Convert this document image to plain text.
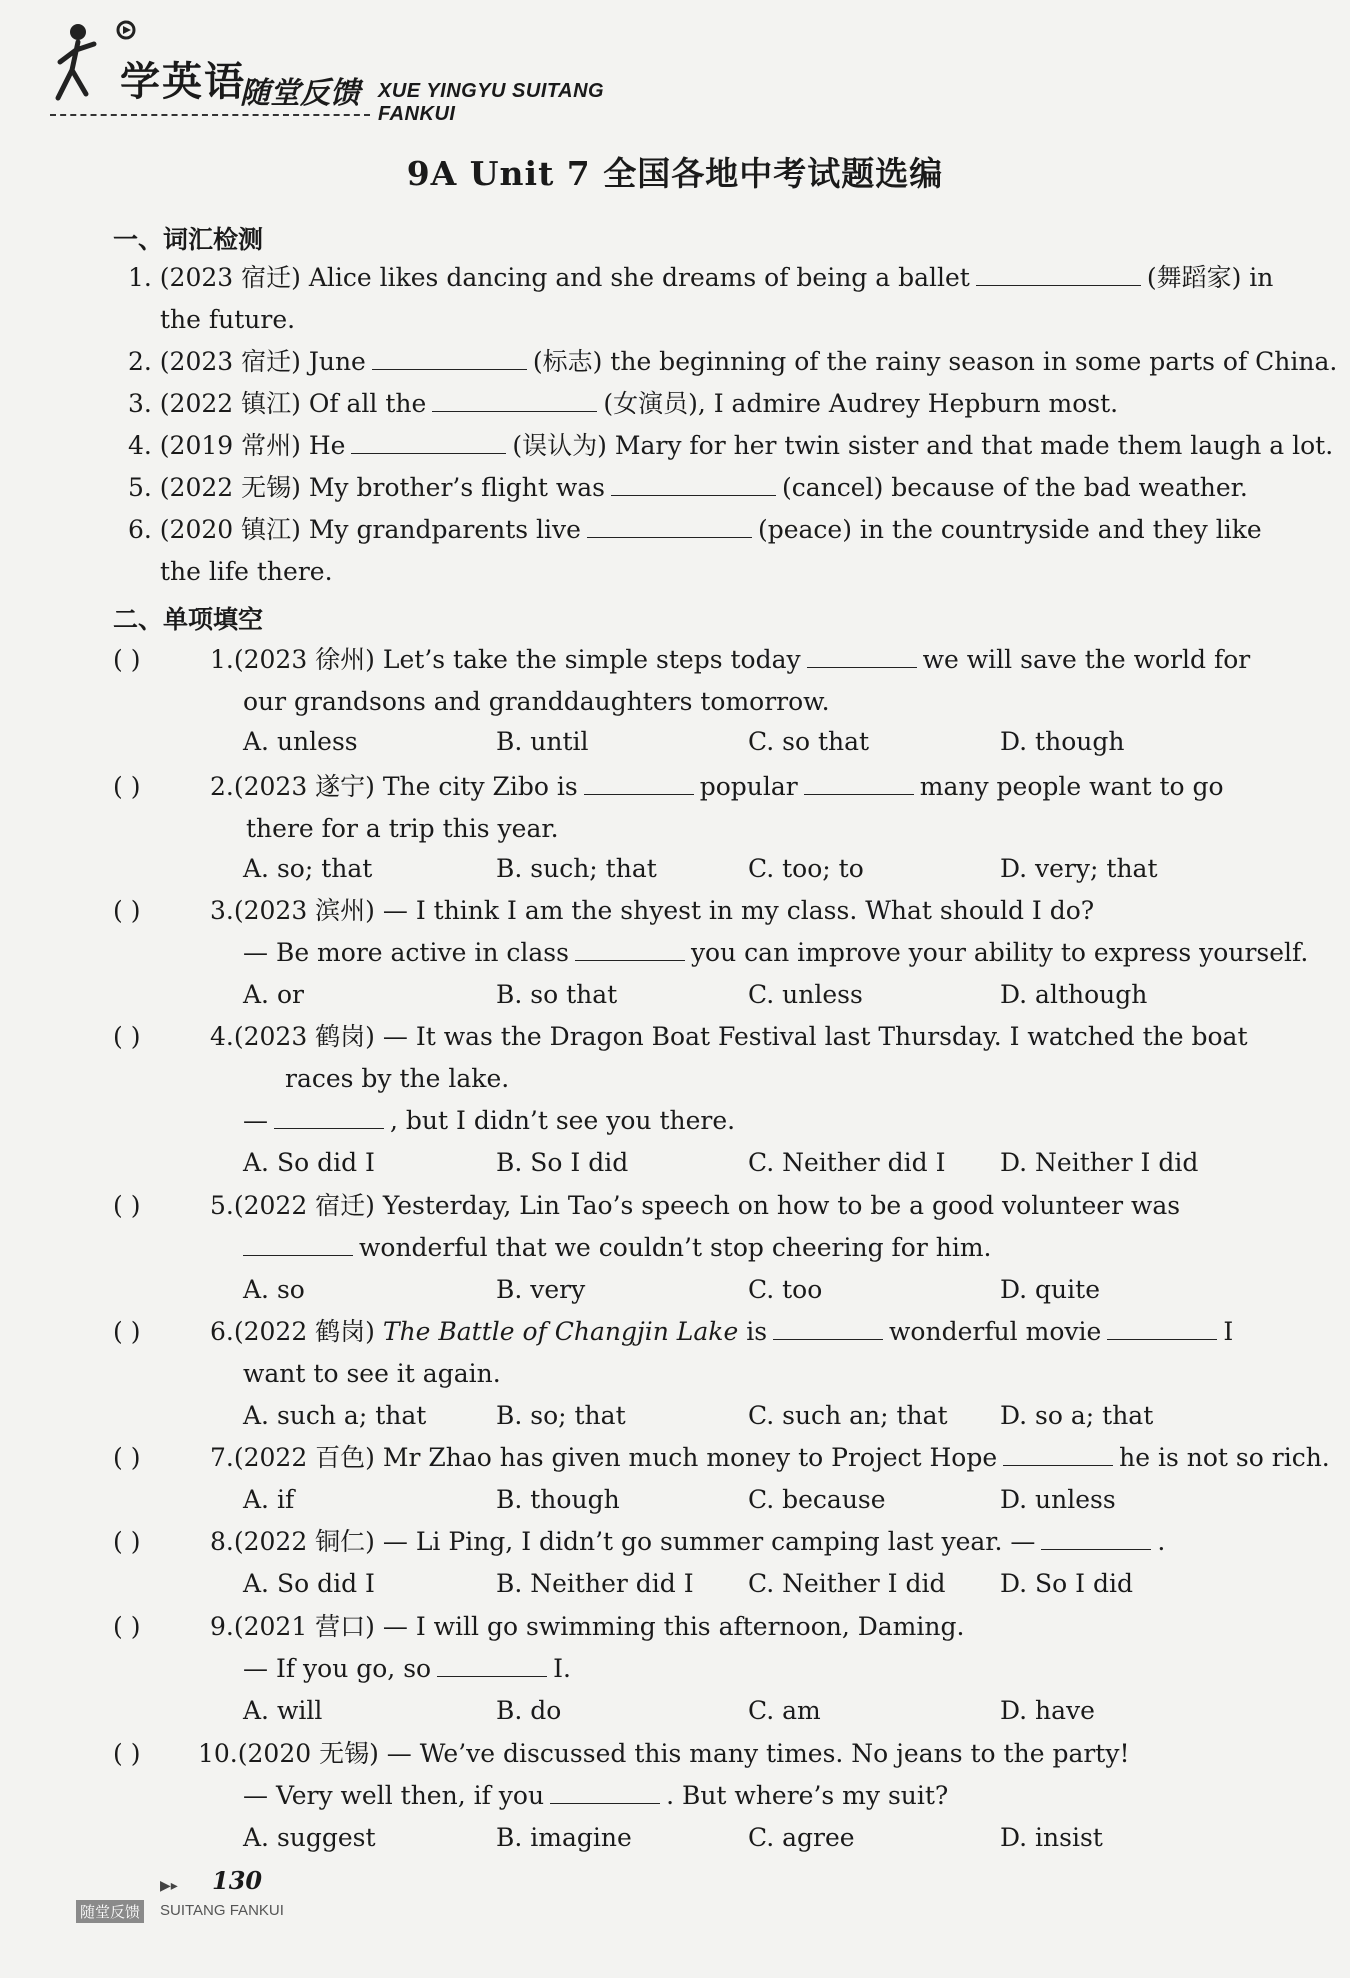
学英语
随堂反馈 XUE YINGYU SUITANG FANKUI
9A Unit 7 全国各地中考试题选编
一、词汇检测
1. (2023 宿迁) Alice likes dancing and she dreams of being a ballet	(舞蹈家) in
the future.
2. (2023 宿迁) June	(标志) the beginning of the rainy season in some parts of China.
3. (2022 镇江) Of all the	(女演员), I admire Audrey Hepburn most.
4. (2019 常州) He	(误认为) Mary for her twin sister and that made them laugh a lot.
5. (2022 无锡) My brother’s flight was	(cancel) because of the bad weather.
6. (2020 镇江) My grandparents live	(peace) in the countryside and they like
the life there.
二、单项填空
( )	1.(2023 徐州) Let’s take the simple steps today	we will save the world for
our grandsons and granddaughters tomorrow.
A. unless	B. until	C. so that	D. though
( )	2.(2023 遂宁) The city Zibo is	popular	many people want to go
there for a trip this year.
A. so; that	B. such; that	C. too; to	D. very; that
( )	3.(2023 滨州) — I think I am the shyest in my class. What should I do?
— Be more active in class	you can improve your ability to express yourself.
A. or	B. so that	C. unless	D. although
( )	4.(2023 鹤岗) — It was the Dragon Boat Festival last Thursday. I watched the boat
races by the lake.
—	, but I didn’t see you there.
A. So did I	B. So I did	C. Neither did I D. Neither I did
( )	5.(2022 宿迁) Yesterday, Lin Tao’s speech on how to be a good volunteer was
wonderful that we couldn’t stop cheering for him.
A. so	B. very	C. too	D. quite
( )	6.(2022 鹤岗) The Battle of Changjin Lake is	wonderful movie	I
want to see it again.
A. such a; that	B. so; that	C. such an; that D. so a; that
( )	7.(2022 百色) Mr Zhao has given much money to Project Hope	he is not so rich.
A. if	B. though	C. because	D. unless
( )	8.(2022 铜仁) — Li Ping, I didn’t go summer camping last year. —	.
A. So did I	B. Neither did I C. Neither I did D. So I did
( )	9.(2021 营口) — I will go swimming this afternoon, Daming.
— If you go, so	I.
A. will	B. do	C. am	D. have
( ) 10.(2020 无锡) — We’ve discussed this many times. No jeans to the party!
— Very well then, if you	. But where’s my suit?
A. suggest	B. imagine	C. agree	D. insist
▶▸ 130
随堂反馈 SUITANG FANKUI
